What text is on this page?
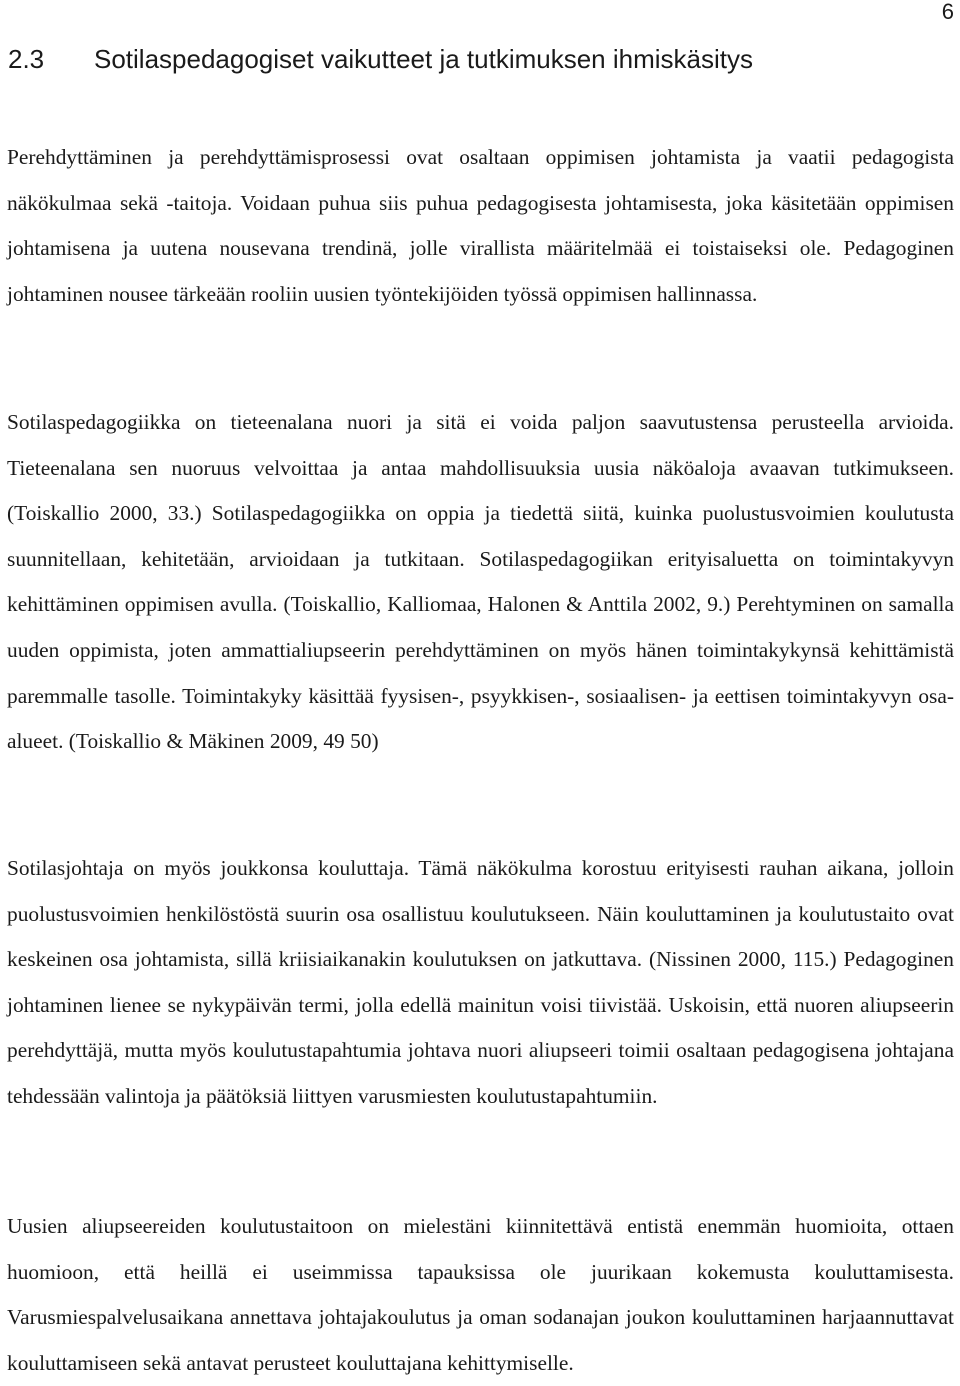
6
2.3 Sotilaspedagogiset vaikutteet ja tutkimuksen ihmiskäsitys

Perehdyttäminen ja perehdyttämisprosessi ovat osaltaan oppimisen johtamista ja vaatii pedagogista näkökulmaa sekä -taitoja. Voidaan puhua siis puhua pedagogisesta johtamisesta, joka käsitetään oppimisen johtamisena ja uutena nousevana trendinä, jolle virallista määritelmää ei toistaiseksi ole. Pedagoginen johtaminen nousee tärkeään rooliin uusien työntekijöiden työssä oppimisen hallinnassa.

Sotilaspedagogiikka on tieteenalana nuori ja sitä ei voida paljon saavutustensa perusteella arvioida. Tieteenalana sen nuoruus velvoittaa ja antaa mahdollisuuksia uusia näköaloja avaavan tutkimukseen. (Toiskallio 2000, 33.) Sotilaspedagogiikka on oppia ja tiedettä siitä, kuinka puolustusvoimien koulutusta suunnitellaan, kehitetään, arvioidaan ja tutkitaan. Sotilaspedagogiikan erityisaluetta on toimintakyvyn kehittäminen oppimisen avulla. (Toiskallio, Kalliomaa, Halonen & Anttila 2002, 9.) Perehtyminen on samalla uuden oppimista, joten ammattialiupseerin perehdyttäminen on myös hänen toimintakykynsä kehittämistä paremmalle tasolle. Toimintakyky käsittää fyysisen-, psyykkisen-, sosiaalisen- ja eettisen toimintakyvyn osaalueet. (Toiskallio & Mäkinen 2009, 49 50)

Sotilasjohtaja on myös joukkonsa kouluttaja. Tämä näkökulma korostuu erityisesti rauhan aikana, jolloin puolustusvoimien henkilöstöstä suurin osa osallistuu koulutukseen. Näin kouluttaminen ja koulutustaito ovat keskeinen osa johtamista, sillä kriisiaikanakin koulutuksen on jatkuttava. (Nissinen 2000, 115.) Pedagoginen johtaminen lienee se nykypäivän termi, jolla edellä mainitun voisi tiivistää. Uskoisin, että nuoren aliupseerin perehdyttäjä, mutta myös koulutustapahtumia johtava nuori aliupseeri toimii osaltaan pedagogisena johtajana tehdessään valintoja ja päätöksiä liittyen varusmiesten koulutustapahtumiin.

Uusien aliupseereiden koulutustaitoon on mielestäni kiinnitettävä entistä enemmän huomioita, ottaen huomioon, että heillä ei useimmissa tapauksissa ole juurikaan kokemusta kouluttamisesta. Varusmiespalvelusaikana annettava johtajakoulutus ja oman sodanajan joukon kouluttaminen harjaannuttavat kouluttamiseen sekä antavat perusteet kouluttajana kehittymiselle.
